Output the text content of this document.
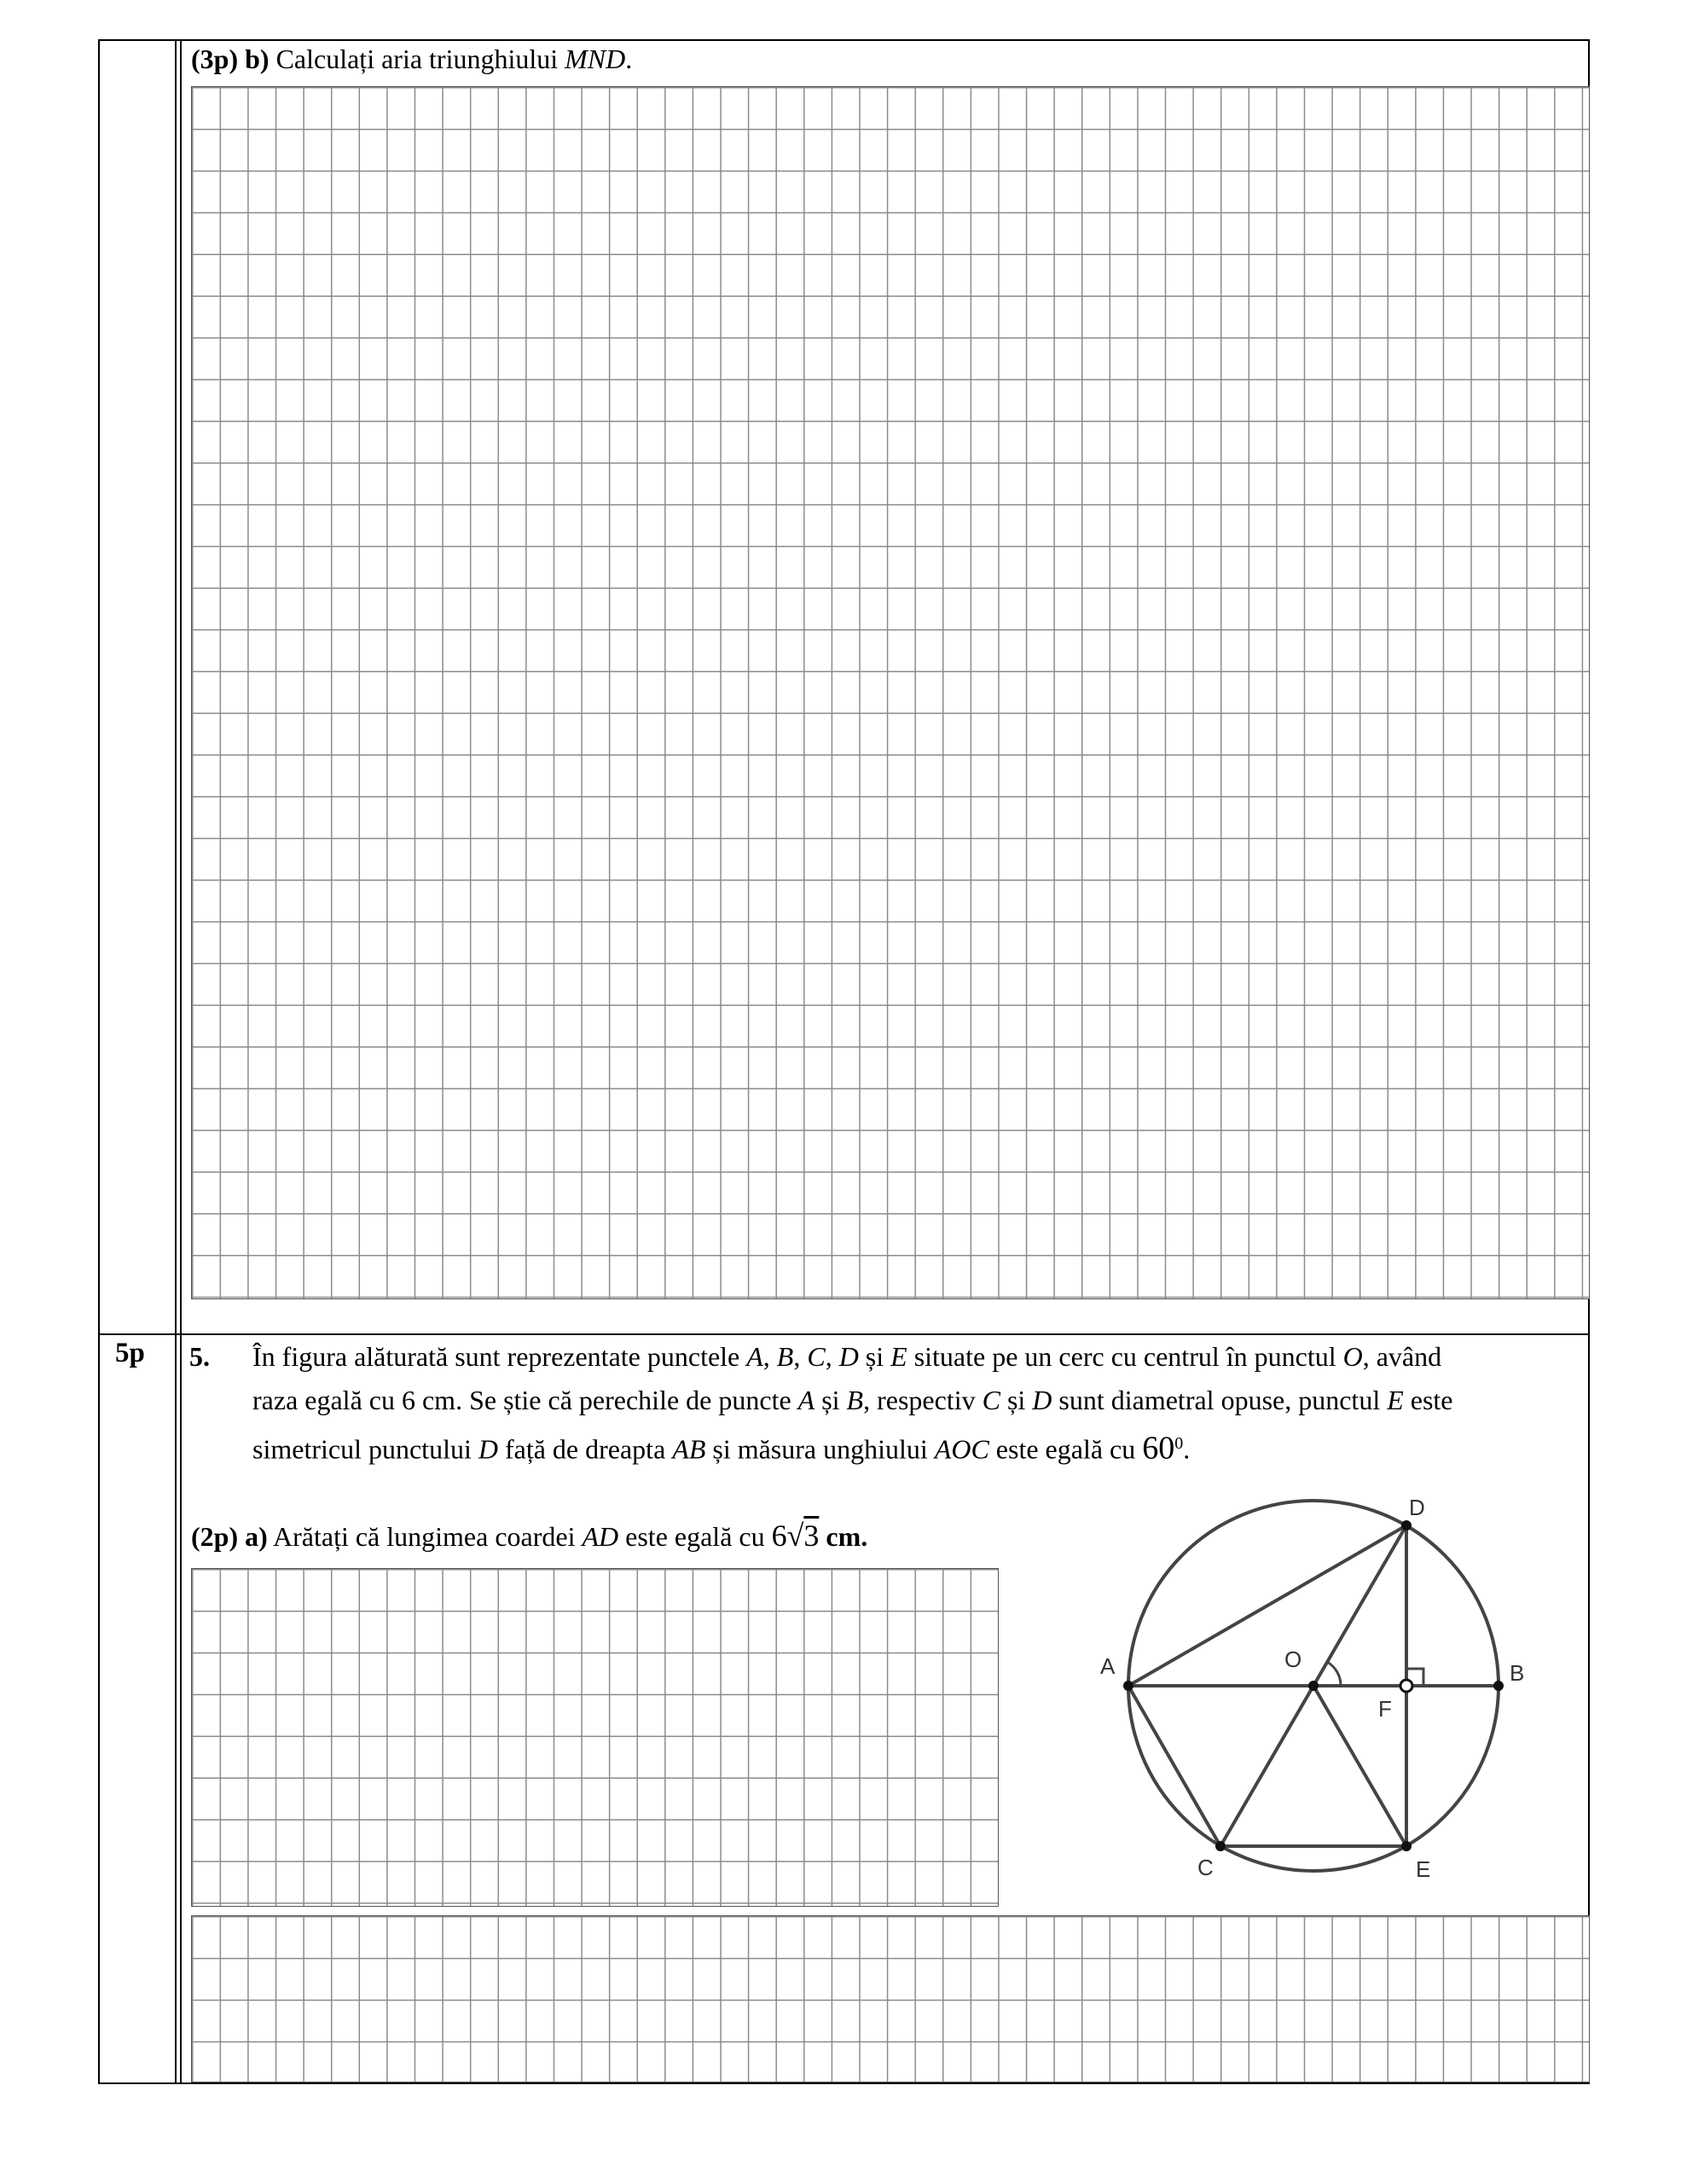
(3p) b) Calculați aria triunghiului MND.
5p 5. În figura alăturată sunt reprezentate punctele A, B, C, D și E situate pe un cerc cu centrul în punctul O, având
raza egală cu 6 cm. Se știe că perechile de puncte A și B, respectiv C și D sunt diametral opuse, punctul E este
simetricul punctului D față de dreapta AB și măsura unghiului AOC este egală cu $60^0$.
(2p) a) Arătați că lungimea coardei AD este egală cu 6√3 cm.
A	B
C
D
E
O
F
